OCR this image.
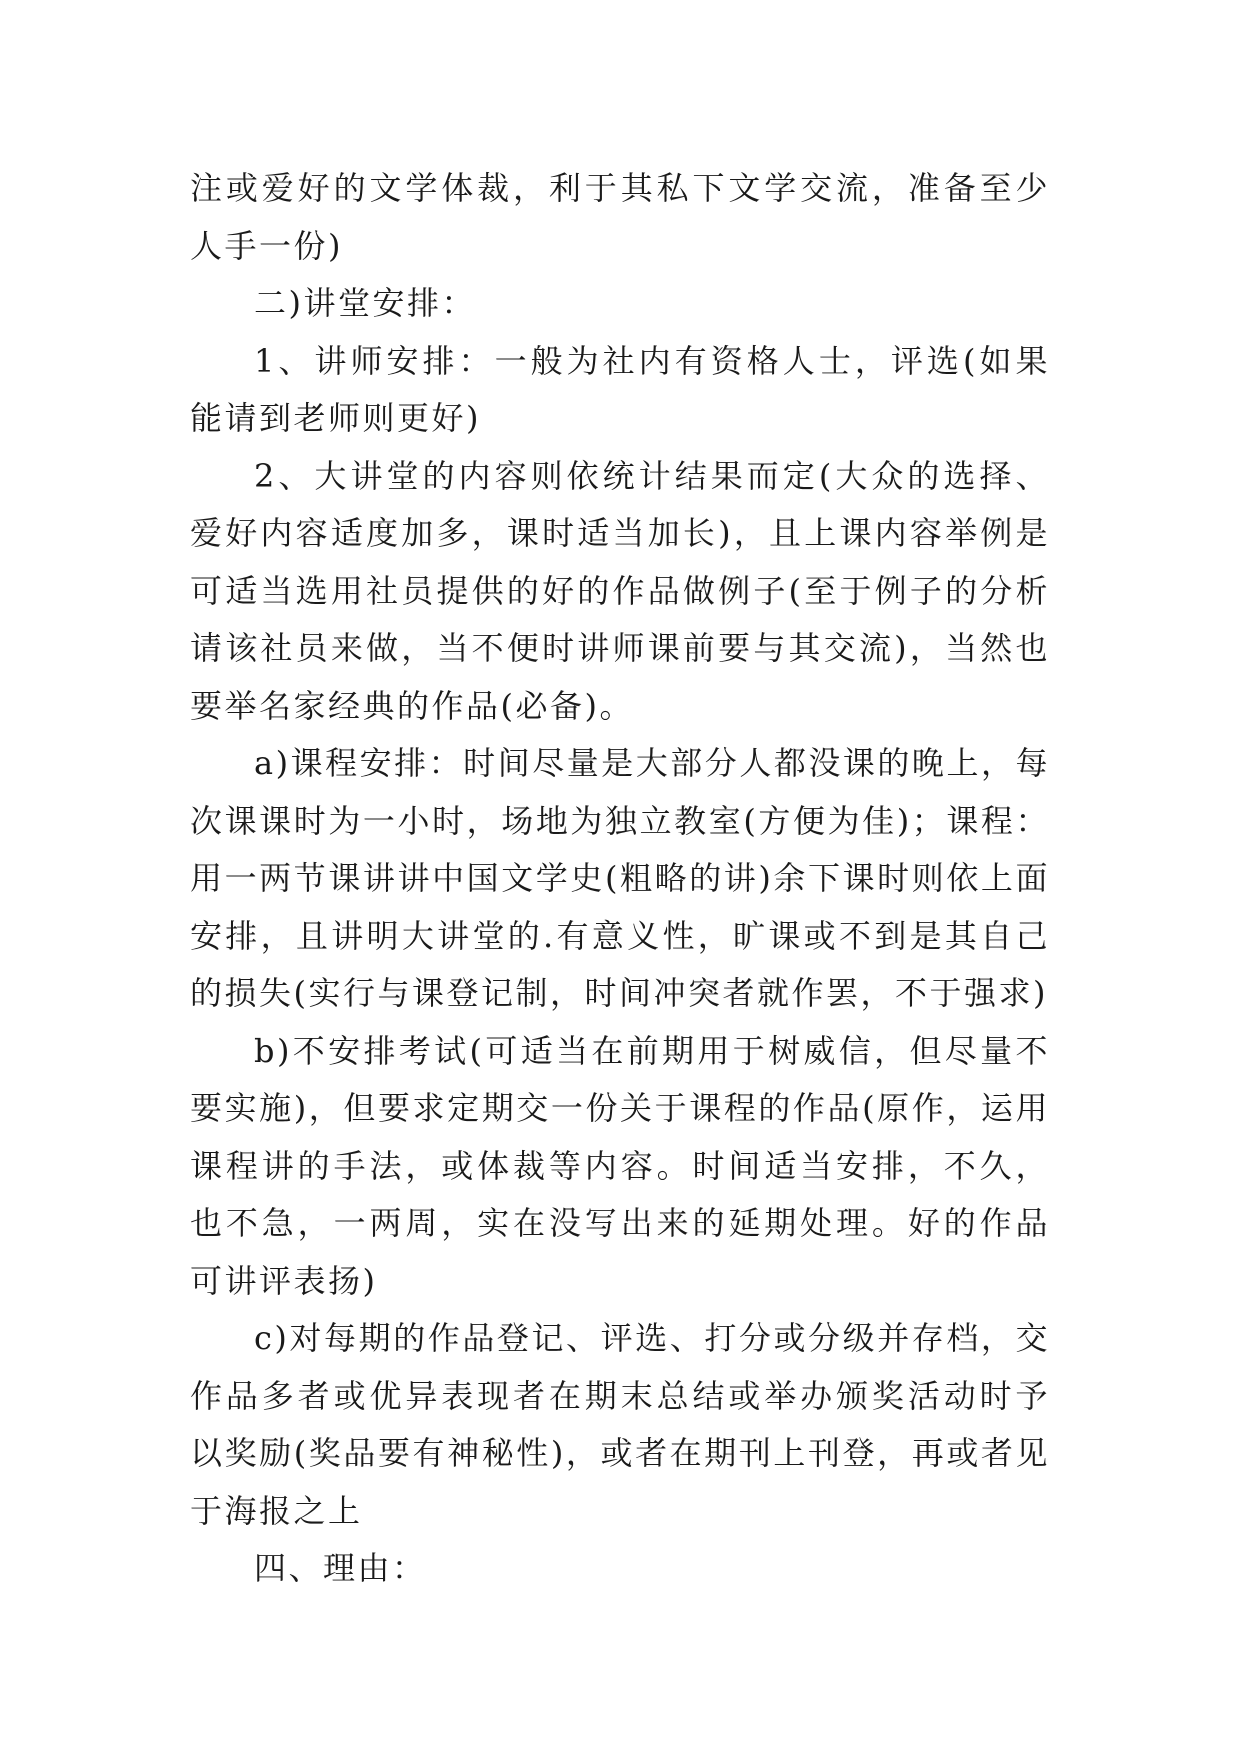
注或爱好的文学体裁，利于其私下文学交流，准备至少人手一份)

二)讲堂安排：

1、讲师安排：一般为社内有资格人士，评选(如果能请到老师则更好)

2、大讲堂的内容则依统计结果而定(大众的选择、爱好内容适度加多，课时适当加长)，且上课内容举例是可适当选用社员提供的好的作品做例子(至于例子的分析请该社员来做，当不便时讲师课前要与其交流)，当然也要举名家经典的作品(必备)。

a)课程安排：时间尽量是大部分人都没课的晚上，每次课课时为一小时，场地为独立教室(方便为佳)；课程：用一两节课讲讲中国文学史(粗略的讲)余下课时则依上面安排，且讲明大讲堂的.有意义性，旷课或不到是其自己的损失(实行与课登记制，时间冲突者就作罢，不于强求)

b)不安排考试(可适当在前期用于树威信，但尽量不要实施)，但要求定期交一份关于课程的作品(原作，运用课程讲的手法，或体裁等内容。时间适当安排，不久，也不急，一两周，实在没写出来的延期处理。好的作品可讲评表扬)

c)对每期的作品登记、评选、打分或分级并存档，交作品多者或优异表现者在期末总结或举办颁奖活动时予以奖励(奖品要有神秘性)，或者在期刊上刊登，再或者见于海报之上

四、理由：
